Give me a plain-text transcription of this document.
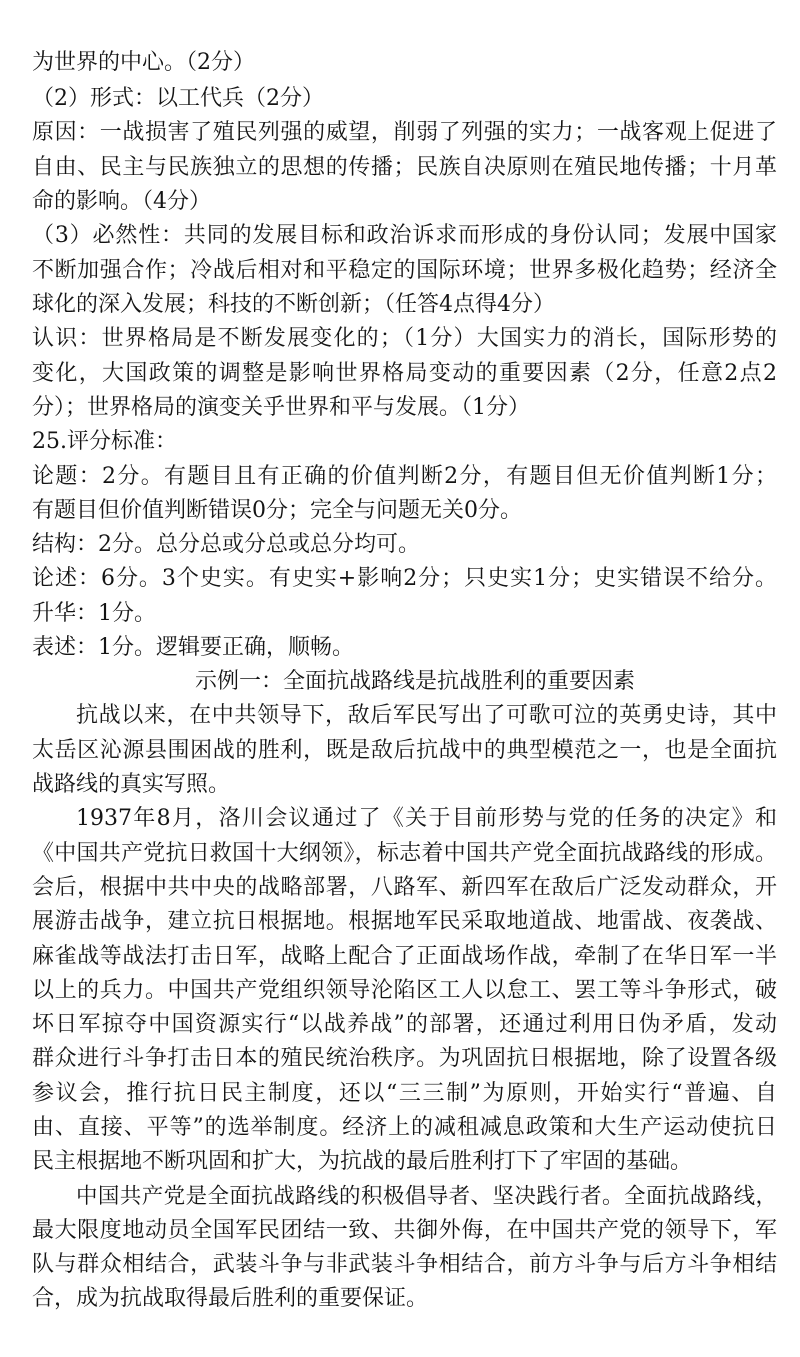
为世界的中心。（2分）
（2）形式：以工代兵（2分）
原因：一战损害了殖民列强的威望，削弱了列强的实力；一战客观上促进了
自由、民主与民族独立的思想的传播；民族自决原则在殖民地传播；十月革
命的影响。（4分）
（3）必然性：共同的发展目标和政治诉求而形成的身份认同；发展中国家
不断加强合作；冷战后相对和平稳定的国际环境；世界多极化趋势；经济全
球化的深入发展；科技的不断创新；（任答4点得4分）
认识：世界格局是不断发展变化的；（1分）大国实力的消长，国际形势的
变化，大国政策的调整是影响世界格局变动的重要因素（2分，任意2点2
分）；世界格局的演变关乎世界和平与发展。（1分）
25.评分标准：
论题：2分。有题目且有正确的价值判断2分，有题目但无价值判断1分；
有题目但价值判断错误0分；完全与问题无关0分。
结构：2分。总分总或分总或总分均可。
论述：6分。3个史实。有史实+影响2分；只史实1分；史实错误不给分。
升华：1分。
表述：1分。逻辑要正确，顺畅。
示例一：全面抗战路线是抗战胜利的重要因素
抗战以来，在中共领导下，敌后军民写出了可歌可泣的英勇史诗，其中
太岳区沁源县围困战的胜利，既是敌后抗战中的典型模范之一，也是全面抗
战路线的真实写照。
1937年8月，洛川会议通过了《关于目前形势与党的任务的决定》和
《中国共产党抗日救国十大纲领》，标志着中国共产党全面抗战路线的形成。
会后，根据中共中央的战略部署，八路军、新四军在敌后广泛发动群众，开
展游击战争，建立抗日根据地。根据地军民采取地道战、地雷战、夜袭战、
麻雀战等战法打击日军，战略上配合了正面战场作战，牵制了在华日军一半
以上的兵力。中国共产党组织领导沦陷区工人以怠工、罢工等斗争形式，破
坏日军掠夺中国资源实行“以战养战”的部署，还通过利用日伪矛盾，发动
群众进行斗争打击日本的殖民统治秩序。为巩固抗日根据地，除了设置各级
参议会，推行抗日民主制度，还以“三三制”为原则，开始实行“普遍、自
由、直接、平等”的选举制度。经济上的减租减息政策和大生产运动使抗日
民主根据地不断巩固和扩大，为抗战的最后胜利打下了牢固的基础。
中国共产党是全面抗战路线的积极倡导者、坚决践行者。全面抗战路线，
最大限度地动员全国军民团结一致、共御外侮，在中国共产党的领导下，军
队与群众相结合，武装斗争与非武装斗争相结合，前方斗争与后方斗争相结
合，成为抗战取得最后胜利的重要保证。
